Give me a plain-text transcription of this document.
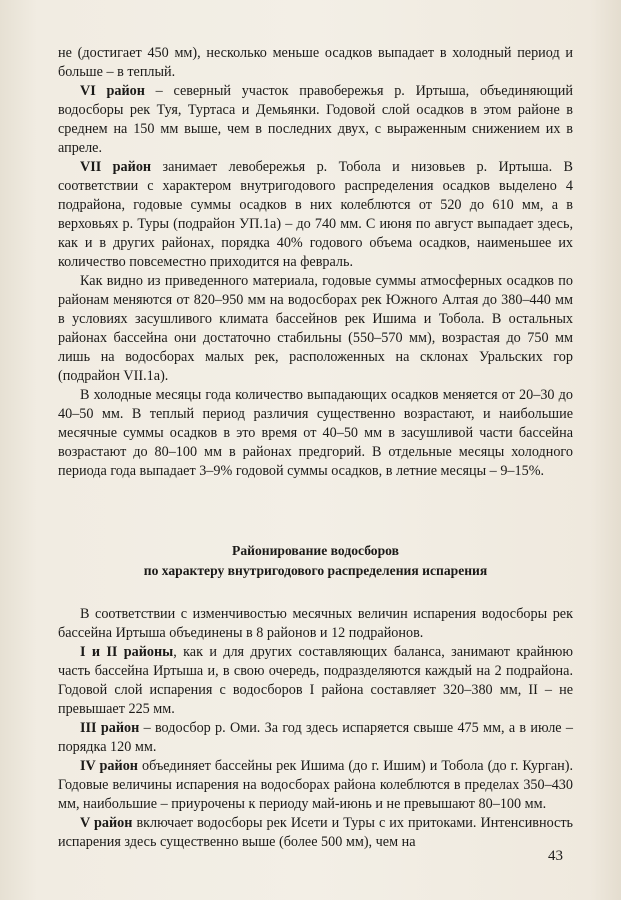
не (достигает 450 мм), несколько меньше осадков выпадает в холодный период и больше – в теплый.

VI район – северный участок правобережья р. Иртыша, объединяющий водосборы рек Туя, Туртаса и Демьянки. Годовой слой осадков в этом районе в среднем на 150 мм выше, чем в последних двух, с выраженным снижением их в апреле.

VII район занимает левобережья р. Тобола и низовьев р. Иртыша. В соответствии с характером внутригодового распределения осадков выделено 4 подрайона, годовые суммы осадков в них колеблются от 520 до 610 мм, а в верховьях р. Туры (подрайон УП.1а) – до 740 мм. С июня по август выпадает здесь, как и в других районах, порядка 40% годового объема осадков, наименьшее их количество повсеместно приходится на февраль.

Как видно из приведенного материала, годовые суммы атмосферных осадков по районам меняются от 820–950 мм на водосборах рек Южного Алтая до 380–440 мм в условиях засушливого климата бассейнов рек Ишима и Тобола. В остальных районах бассейна они достаточно стабильны (550–570 мм), возрастая до 750 мм лишь на водосборах малых рек, расположенных на склонах Уральских гор (подрайон VII.1а).

В холодные месяцы года количество выпадающих осадков меняется от 20–30 до 40–50 мм. В теплый период различия существенно возрастают, и наибольшие месячные суммы осадков в это время от 40–50 мм в засушливой части бассейна возрастают до 80–100 мм в районах предгорий. В отдельные месяцы холодного периода года выпадает 3–9% годовой суммы осадков, в летние месяцы – 9–15%.

Районирование водосборов
по характеру внутригодового распределения испарения

В соответствии с изменчивостью месячных величин испарения водосборы рек бассейна Иртыша объединены в 8 районов и 12 подрайонов.

I и II районы, как и для других составляющих баланса, занимают крайнюю часть бассейна Иртыша и, в свою очередь, подразделяются каждый на 2 подрайона. Годовой слой испарения с водосборов I района составляет 320–380 мм, II – не превышает 225 мм.

III район – водосбор р. Оми. За год здесь испаряется свыше 475 мм, а в июле – порядка 120 мм.

IV район объединяет бассейны рек Ишима (до г. Ишим) и Тобола (до г. Курган). Годовые величины испарения на водосборах района колеблются в пределах 350–430 мм, наибольшие – приурочены к периоду май-июнь и не превышают 80–100 мм.

V район включает водосборы рек Исети и Туры с их притоками. Интенсивность испарения здесь существенно выше (более 500 мм), чем на

43
